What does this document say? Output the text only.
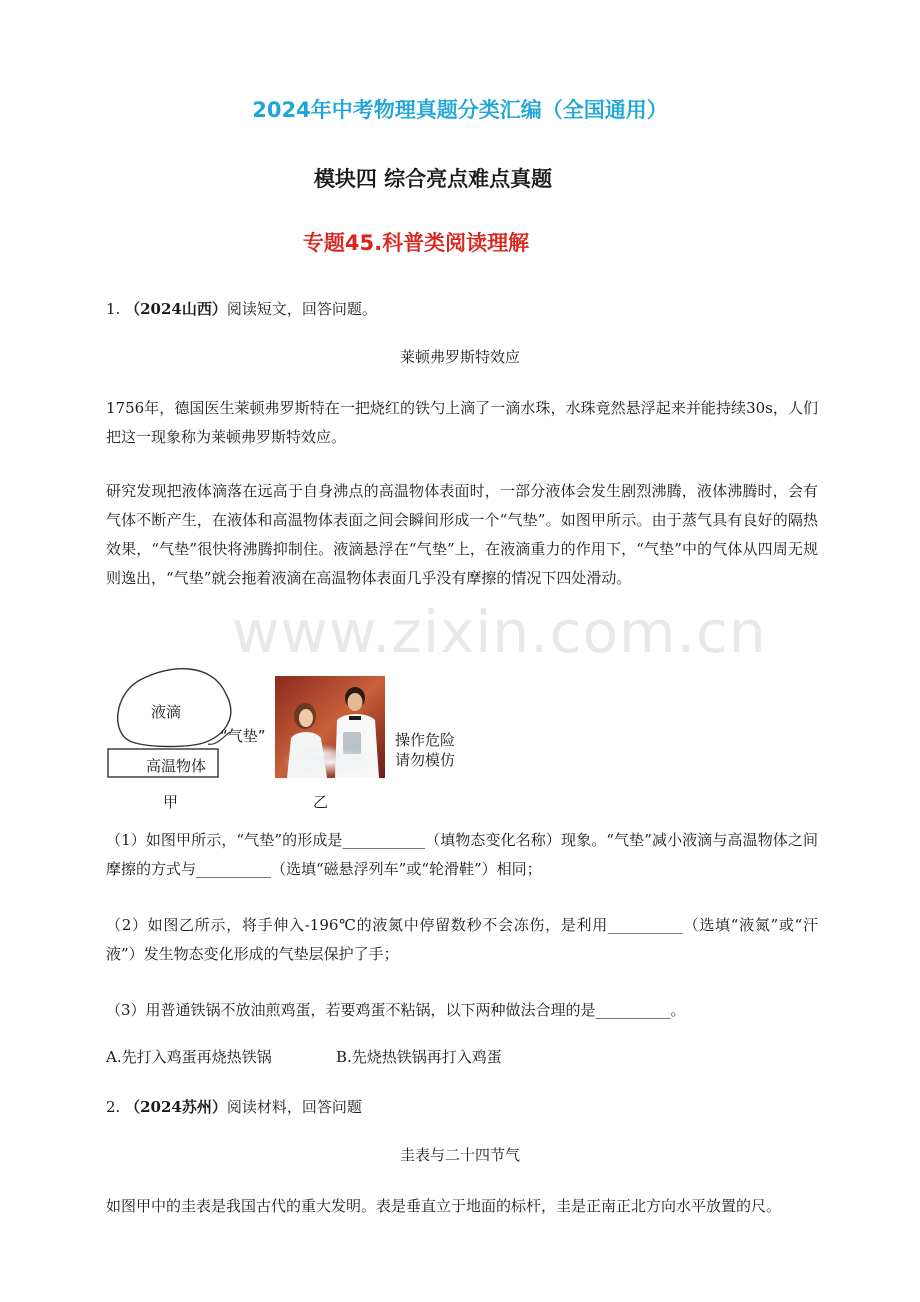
2024年中考物理真题分类汇编（全国通用）
模块四 综合亮点难点真题
专题45.科普类阅读理解
1. （2024山西）阅读短文，回答问题。
莱顿弗罗斯特效应
1756年，德国医生莱顿弗罗斯特在一把烧红的铁勺上滴了一滴水珠，水珠竟然悬浮起来并能持续30s，人们把这一现象称为莱顿弗罗斯特效应。
研究发现把液体滴落在远高于自身沸点的高温物体表面时，一部分液体会发生剧烈沸腾，液体沸腾时，会有气体不断产生，在液体和高温物体表面之间会瞬间形成一个“气垫”。如图甲所示。由于蒸气具有良好的隔热效果，“气垫”很快将沸腾抑制住。液滴悬浮在“气垫”上，在液滴重力的作用下，“气垫”中的气体从四周无规则逸出，“气垫”就会拖着液滴在高温物体表面几乎没有摩擦的情况下四处滑动。
液滴
“气垫”
高温物体
甲
操作危险
请勿模仿
乙
（1）如图甲所示，“气垫”的形成是___________（填物态变化名称）现象。“气垫”减小液滴与高温物体之间摩擦的方式与__________（选填“磁悬浮列车”或“轮滑鞋”）相同；
（2）如图乙所示，将手伸入-196℃的液氮中停留数秒不会冻伤，是利用__________（选填“液氮”或“汗液”）发生物态变化形成的气垫层保护了手；
（3）用普通铁锅不放油煎鸡蛋，若要鸡蛋不粘锅，以下两种做法合理的是__________。
A.先打入鸡蛋再烧热铁锅	B.先烧热铁锅再打入鸡蛋
2. （2024苏州）阅读材料，回答问题
圭表与二十四节气
如图甲中的圭表是我国古代的重大发明。表是垂直立于地面的标杆，圭是正南正北方向水平放置的尺。
www.zixin.com.cn
